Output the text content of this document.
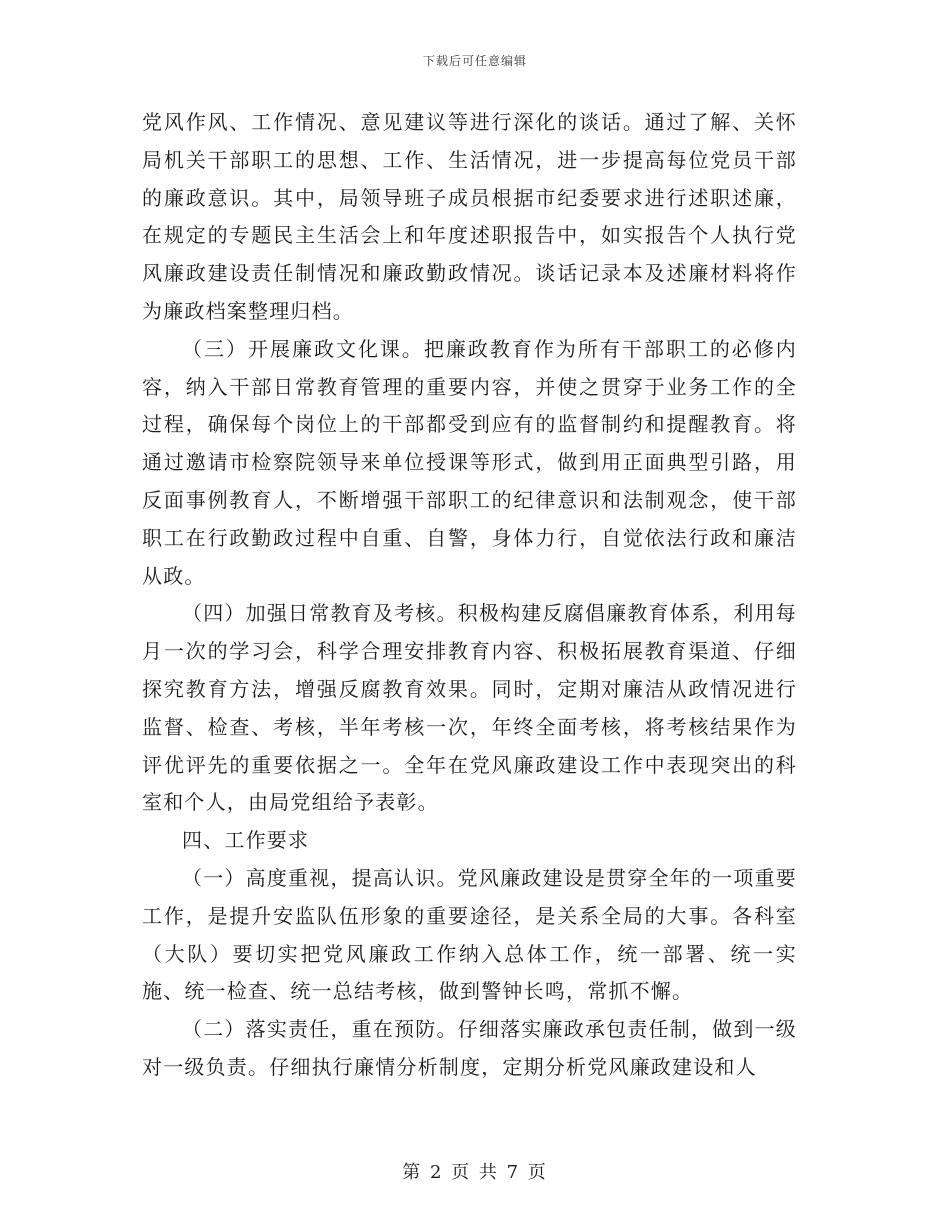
下载后可任意编辑

党风作风、工作情况、意见建议等进行深化的谈话。通过了解、关怀局机关干部职工的思想、工作、生活情况，进一步提高每位党员干部的廉政意识。其中，局领导班子成员根据市纪委要求进行述职述廉，在规定的专题民主生活会上和年度述职报告中，如实报告个人执行党风廉政建设责任制情况和廉政勤政情况。谈话记录本及述廉材料将作为廉政档案整理归档。

（三）开展廉政文化课。把廉政教育作为所有干部职工的必修内容，纳入干部日常教育管理的重要内容，并使之贯穿于业务工作的全过程，确保每个岗位上的干部都受到应有的监督制约和提醒教育。将通过邀请市检察院领导来单位授课等形式，做到用正面典型引路，用反面事例教育人，不断增强干部职工的纪律意识和法制观念，使干部职工在行政勤政过程中自重、自警，身体力行，自觉依法行政和廉洁从政。

（四）加强日常教育及考核。积极构建反腐倡廉教育体系，利用每月一次的学习会，科学合理安排教育内容、积极拓展教育渠道、仔细探究教育方法，增强反腐教育效果。同时，定期对廉洁从政情况进行监督、检查、考核，半年考核一次，年终全面考核，将考核结果作为评优评先的重要依据之一。全年在党风廉政建设工作中表现突出的科室和个人，由局党组给予表彰。

四、工作要求

（一）高度重视，提高认识。党风廉政建设是贯穿全年的一项重要工作，是提升安监队伍形象的重要途径，是关系全局的大事。各科室（大队）要切实把党风廉政工作纳入总体工作，统一部署、统一实施、统一检查、统一总结考核，做到警钟长鸣，常抓不懈。

（二）落实责任，重在预防。仔细落实廉政承包责任制，做到一级对一级负责。仔细执行廉情分析制度，定期分析党风廉政建设和人

第 2 页 共 7 页
